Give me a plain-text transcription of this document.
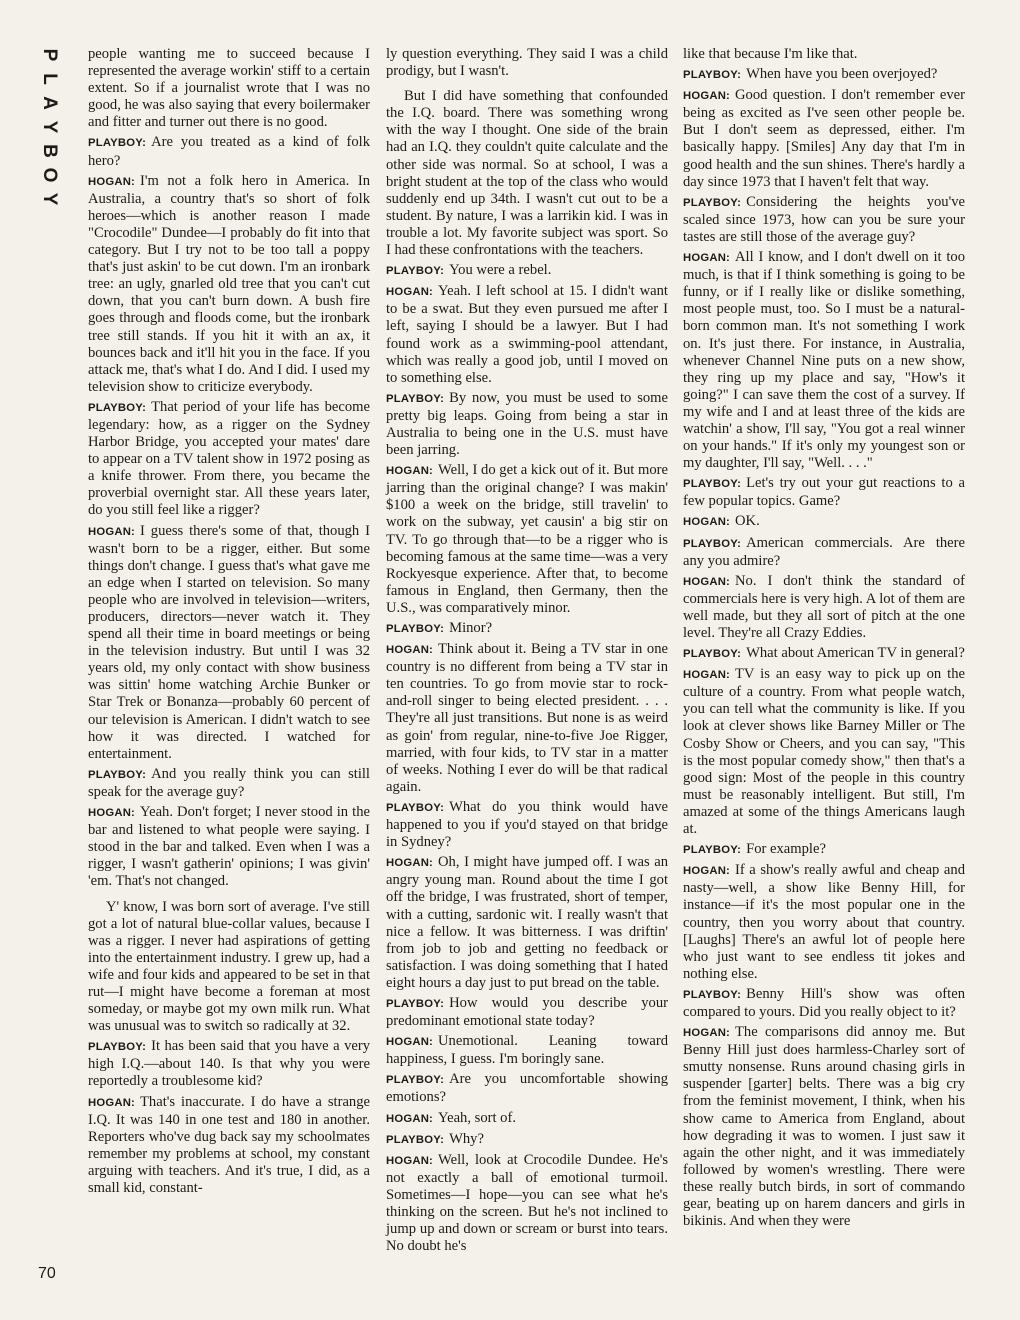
P
L
A
Y
B
O
Y

people wanting me to succeed because I represented the average workin' stiff to a certain extent. So if a journalist wrote that I was no good, he was also saying that every boilermaker and fitter and turner out there is no good.

PLAYBOY: Are you treated as a kind of folk hero?

HOGAN: I'm not a folk hero in America. In Australia, a country that's so short of folk heroes—which is another reason I made "Crocodile" Dundee—I probably do fit into that category. But I try not to be too tall a poppy that's just askin' to be cut down. I'm an ironbark tree: an ugly, gnarled old tree that you can't cut down, that you can't burn down. A bush fire goes through and floods come, but the ironbark tree still stands. If you hit it with an ax, it bounces back and it'll hit you in the face. If you attack me, that's what I do. And I did. I used my television show to criticize everybody.

PLAYBOY: That period of your life has become legendary: how, as a rigger on the Sydney Harbor Bridge, you accepted your mates' dare to appear on a TV talent show in 1972 posing as a knife thrower. From there, you became the proverbial overnight star. All these years later, do you still feel like a rigger?

HOGAN: I guess there's some of that, though I wasn't born to be a rigger, either. But some things don't change. I guess that's what gave me an edge when I started on television. So many people who are involved in television—writers, producers, directors—never watch it. They spend all their time in board meetings or being in the television industry. But until I was 32 years old, my only contact with show business was sittin' home watching Archie Bunker or Star Trek or Bonanza—probably 60 percent of our television is American. I didn't watch to see how it was directed. I watched for entertainment.

PLAYBOY: And you really think you can still speak for the average guy?

HOGAN: Yeah. Don't forget; I never stood in the bar and listened to what people were saying. I stood in the bar and talked. Even when I was a rigger, I wasn't gatherin' opinions; I was givin' 'em. That's not changed.

Y' know, I was born sort of average. I've still got a lot of natural blue-collar values, because I was a rigger. I never had aspirations of getting into the entertainment industry. I grew up, had a wife and four kids and appeared to be set in that rut—I might have become a foreman at most someday, or maybe got my own milk run. What was unusual was to switch so radically at 32.

PLAYBOY: It has been said that you have a very high I.Q.—about 140. Is that why you were reportedly a troublesome kid?

HOGAN: That's inaccurate. I do have a strange I.Q. It was 140 in one test and 180 in another. Reporters who've dug back say my schoolmates remember my problems at school, my constant arguing with teachers. And it's true, I did, as a small kid, constant-

ly question everything. They said I was a child prodigy, but I wasn't.

But I did have something that confounded the I.Q. board. There was something wrong with the way I thought. One side of the brain had an I.Q. they couldn't quite calculate and the other side was normal. So at school, I was a bright student at the top of the class who would suddenly end up 34th. I wasn't cut out to be a student. By nature, I was a larrikin kid. I was in trouble a lot. My favorite subject was sport. So I had these confrontations with the teachers.

PLAYBOY: You were a rebel.

HOGAN: Yeah. I left school at 15. I didn't want to be a swat. But they even pursued me after I left, saying I should be a lawyer. But I had found work as a swimming-pool attendant, which was really a good job, until I moved on to something else.

PLAYBOY: By now, you must be used to some pretty big leaps. Going from being a star in Australia to being one in the U.S. must have been jarring.

HOGAN: Well, I do get a kick out of it. But more jarring than the original change? I was makin' $100 a week on the bridge, still travelin' to work on the subway, yet causin' a big stir on TV. To go through that—to be a rigger who is becoming famous at the same time—was a very Rockyesque experience. After that, to become famous in England, then Germany, then the U.S., was comparatively minor.

PLAYBOY: Minor?

HOGAN: Think about it. Being a TV star in one country is no different from being a TV star in ten countries. To go from movie star to rock-and-roll singer to being elected president. . . . They're all just transitions. But none is as weird as goin' from regular, nine-to-five Joe Rigger, married, with four kids, to TV star in a matter of weeks. Nothing I ever do will be that radical again.

PLAYBOY: What do you think would have happened to you if you'd stayed on that bridge in Sydney?

HOGAN: Oh, I might have jumped off. I was an angry young man. Round about the time I got off the bridge, I was frustrated, short of temper, with a cutting, sardonic wit. I really wasn't that nice a fellow. It was bitterness. I was driftin' from job to job and getting no feedback or satisfaction. I was doing something that I hated eight hours a day just to put bread on the table.

PLAYBOY: How would you describe your predominant emotional state today?

HOGAN: Unemotional. Leaning toward happiness, I guess. I'm boringly sane.

PLAYBOY: Are you uncomfortable showing emotions?

HOGAN: Yeah, sort of.

PLAYBOY: Why?

HOGAN: Well, look at Crocodile Dundee. He's not exactly a ball of emotional turmoil. Sometimes—I hope—you can see what he's thinking on the screen. But he's not inclined to jump up and down or scream or burst into tears. No doubt he's

like that because I'm like that.

PLAYBOY: When have you been overjoyed?

HOGAN: Good question. I don't remember ever being as excited as I've seen other people be. But I don't seem as depressed, either. I'm basically happy. [Smiles] Any day that I'm in good health and the sun shines. There's hardly a day since 1973 that I haven't felt that way.

PLAYBOY: Considering the heights you've scaled since 1973, how can you be sure your tastes are still those of the average guy?

HOGAN: All I know, and I don't dwell on it too much, is that if I think something is going to be funny, or if I really like or dislike something, most people must, too. So I must be a natural-born common man. It's not something I work on. It's just there. For instance, in Australia, whenever Channel Nine puts on a new show, they ring up my place and say, "How's it going?" I can save them the cost of a survey. If my wife and I and at least three of the kids are watchin' a show, I'll say, "You got a real winner on your hands." If it's only my youngest son or my daughter, I'll say, "Well. . . ."

PLAYBOY: Let's try out your gut reactions to a few popular topics. Game?

HOGAN: OK.

PLAYBOY: American commercials. Are there any you admire?

HOGAN: No. I don't think the standard of commercials here is very high. A lot of them are well made, but they all sort of pitch at the one level. They're all Crazy Eddies.

PLAYBOY: What about American TV in general?

HOGAN: TV is an easy way to pick up on the culture of a country. From what people watch, you can tell what the community is like. If you look at clever shows like Barney Miller or The Cosby Show or Cheers, and you can say, "This is the most popular comedy show," then that's a good sign: Most of the people in this country must be reasonably intelligent. But still, I'm amazed at some of the things Americans laugh at.

PLAYBOY: For example?

HOGAN: If a show's really awful and cheap and nasty—well, a show like Benny Hill, for instance—if it's the most popular one in the country, then you worry about that country. [Laughs] There's an awful lot of people here who just want to see endless tit jokes and nothing else.

PLAYBOY: Benny Hill's show was often compared to yours. Did you really object to it?

HOGAN: The comparisons did annoy me. But Benny Hill just does harmless-Charley sort of smutty nonsense. Runs around chasing girls in suspender [garter] belts. There was a big cry from the feminist movement, I think, when his show came to America from England, about how degrading it was to women. I just saw it again the other night, and it was immediately followed by women's wrestling. There were these really butch birds, in sort of commando gear, beating up on harem dancers and girls in bikinis. And when they were

70
